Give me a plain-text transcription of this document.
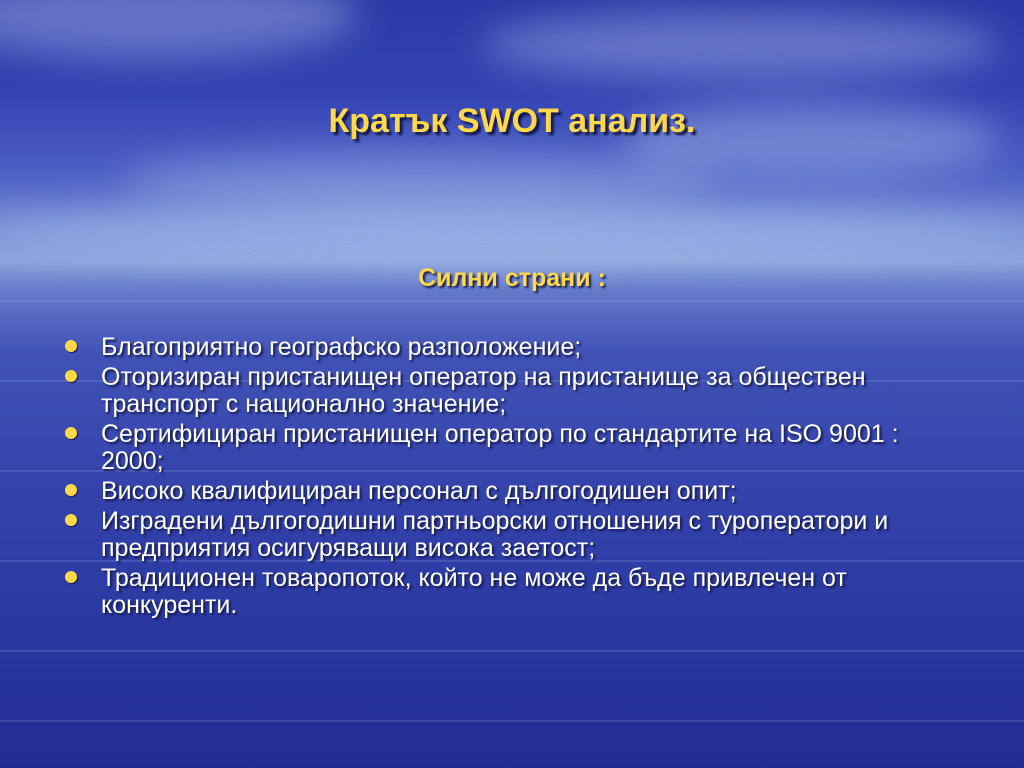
Кратък SWOT анализ.
Силни страни :
Благоприятно географско разположение;
Оторизиран пристанищен оператор на пристанище за обществен транспорт с национално значение;
Сертифициран пристанищен оператор по стандартите на ISO 9001 : 2000;
Високо квалифициран персонал с дългогодишен опит;
Изградени дългогодишни партньорски отношения с туроператори и предприятия осигуряващи висока заетост;
Традиционен товаропоток, който не може да бъде привлечен от конкуренти.
